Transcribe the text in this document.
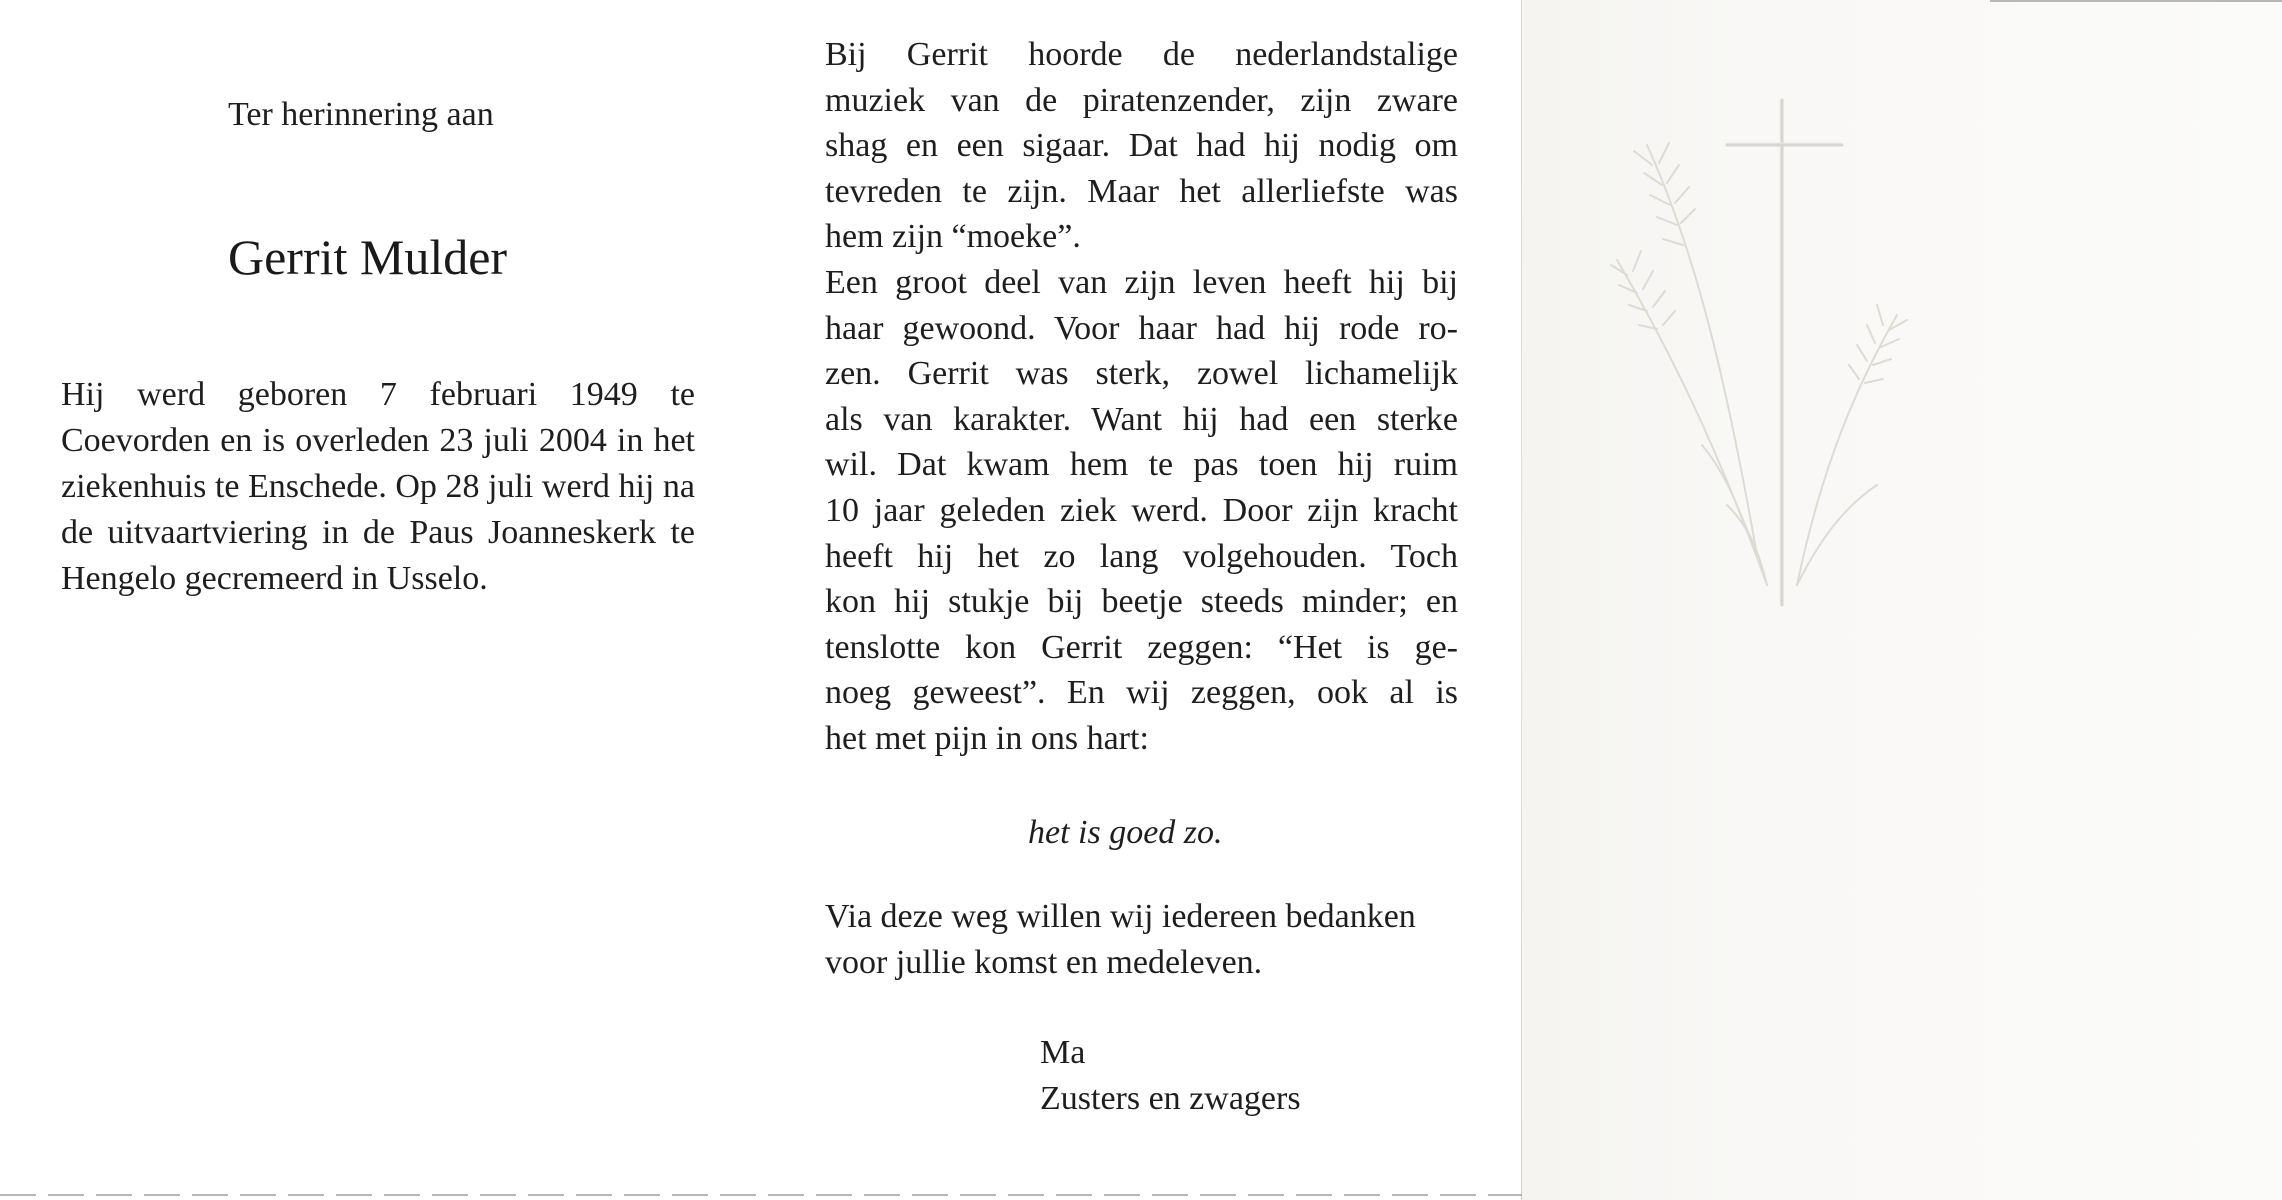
Ter herinnering aan

Gerrit Mulder

Hij werd geboren 7 februari 1949 te Coevorden en is overleden 23 juli 2004 in het ziekenhuis te Enschede. Op 28 juli werd hij na de uitvaartviering in de Paus Joanneskerk te Hengelo gecremeerd in Usselo.

Bij Gerrit hoorde de nederlandstalige
muziek van de piratenzender, zijn zware
shag en een sigaar. Dat had hij nodig om
tevreden te zijn. Maar het allerliefste was
hem zijn “moeke”.
Een groot deel van zijn leven heeft hij bij
haar gewoond. Voor haar had hij rode ro-
zen. Gerrit was sterk, zowel lichamelijk
als van karakter. Want hij had een sterke
wil. Dat kwam hem te pas toen hij ruim
10 jaar geleden ziek werd. Door zijn kracht
heeft hij het zo lang volgehouden. Toch
kon hij stukje bij beetje steeds minder; en
tenslotte kon Gerrit zeggen: “Het is ge-
noeg geweest”. En wij zeggen, ook al is
het met pijn in ons hart:

het is goed zo.

Via deze weg willen wij iedereen bedanken voor jullie komst en medeleven.

Ma
Zusters en zwagers
